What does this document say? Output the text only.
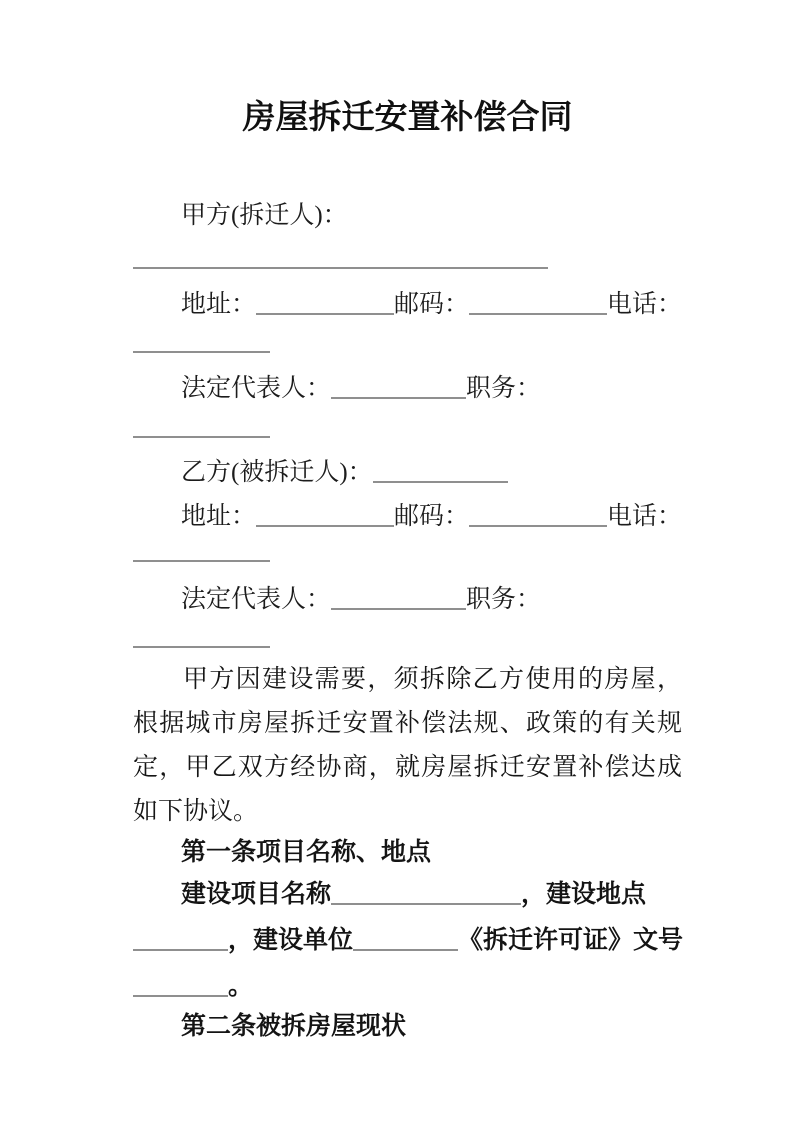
房屋拆迁安置补偿合同
甲方(拆迁人)：
地址：	邮码：	电话：
法定代表人：	职务：
乙方(被拆迁人)：
地址：	邮码：	电话：
法定代表人：	职务：

甲方因建设需要，须拆除乙方使用的房屋，根据城市房屋拆迁安置补偿法规、政策的有关规定，甲乙双方经协商，就房屋拆迁安置补偿达成如下协议。

第一条项目名称、地点
建设项目名称	，建设地点
，建设单位	《拆迁许可证》文号
。
第二条被拆房屋现状
